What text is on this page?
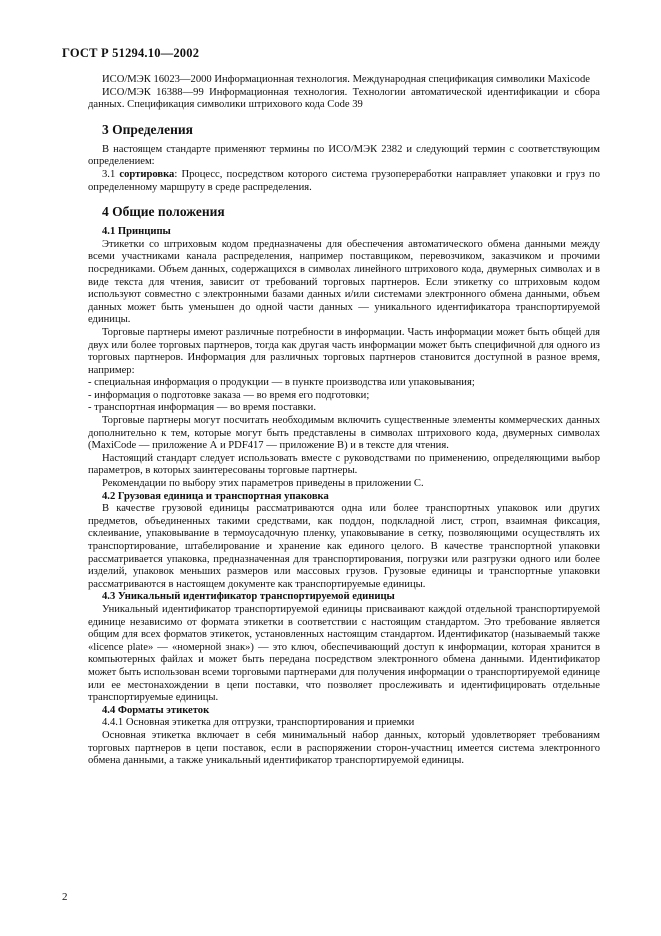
ГОСТ Р 51294.10—2002

ИСО/МЭК 16023—2000 Информационная технология. Международная спецификация символики Maxicode

ИСО/МЭК 16388—99 Информационная технология. Технологии автоматической идентификации и сбора данных. Спецификация символики штрихового кода Code 39

3 Определения

В настоящем стандарте применяют термины по ИСО/МЭК 2382 и следующий термин с соответствующим определением:

3.1 сортировка: Процесс, посредством которого система грузопереработки направляет упаковки и груз по определенному маршруту в среде распределения.

4 Общие положения
4.1 Принципы

Этикетки со штриховым кодом предназначены для обеспечения автоматического обмена данными между всеми участниками канала распределения, например поставщиком, перевозчиком, заказчиком и прочими посредниками. Объем данных, содержащихся в символах линейного штрихового кода, двумерных символах и в виде текста для чтения, зависит от требований торговых партнеров. Если этикетку со штриховым кодом используют совместно с электронными базами данных и/или системами электронного обмена данными, объем данных может быть уменьшен до одной части данных — уникального идентификатора транспортируемой единицы.

Торговые партнеры имеют различные потребности в информации. Часть информации может быть общей для двух или более торговых партнеров, тогда как другая часть информации может быть специфичной для одного из торговых партнеров. Информация для различных торговых партнеров становится доступной в разное время, например:

- специальная информация о продукции — в пункте производства или упаковывания;

- информация о подготовке заказа — во время его подготовки;

- транспортная информация — во время поставки.

Торговые партнеры могут посчитать необходимым включить существенные элементы коммерческих данных дополнительно к тем, которые могут быть представлены в символах штрихового кода, двумерных символах (MaxiCode — приложение А и PDF417 — приложение В) и в тексте для чтения.

Настоящий стандарт следует использовать вместе с руководствами по применению, определяющими выбор параметров, в которых заинтересованы торговые партнеры.

Рекомендации по выбору этих параметров приведены в приложении С.

4.2 Грузовая единица и транспортная упаковка

В качестве грузовой единицы рассматриваются одна или более транспортных упаковок или других предметов, объединенных такими средствами, как поддон, подкладной лист, строп, взаимная фиксация, склеивание, упаковывание в термоусадочную пленку, упаковывание в сетку, позволяющими осуществлять их транспортирование, штабелирование и хранение как единого целого. В качестве транспортной упаковки рассматривается упаковка, предназначенная для транспортирования, погрузки или разгрузки одного или более изделий, упаковок меньших размеров или массовых грузов. Грузовые единицы и транспортные упаковки рассматриваются в настоящем документе как транспортируемые единицы.

4.3 Уникальный идентификатор транспортируемой единицы

Уникальный идентификатор транспортируемой единицы присваивают каждой отдельной транспортируемой единице независимо от формата этикетки в соответствии с настоящим стандартом. Это требование является общим для всех форматов этикеток, установленных настоящим стандартом. Идентификатор (называемый также «licence plate» — «номерной знак») — это ключ, обеспечивающий доступ к информации, которая хранится в компьютерных файлах и может быть передана посредством электронного обмена данными. Идентификатор может быть использован всеми торговыми партнерами для получения информации о транспортируемой единице или ее местонахождении в цепи поставки, что позволяет прослеживать и идентифицировать отдельные транспортируемые единицы.

4.4 Форматы этикеток

4.4.1 Основная этикетка для отгрузки, транспортирования и приемки

Основная этикетка включает в себя минимальный набор данных, который удовлетворяет требованиям торговых партнеров в цепи поставок, если в распоряжении сторон-участниц имеется система электронного обмена данными, а также уникальный идентификатор транспортируемой единицы.

2
